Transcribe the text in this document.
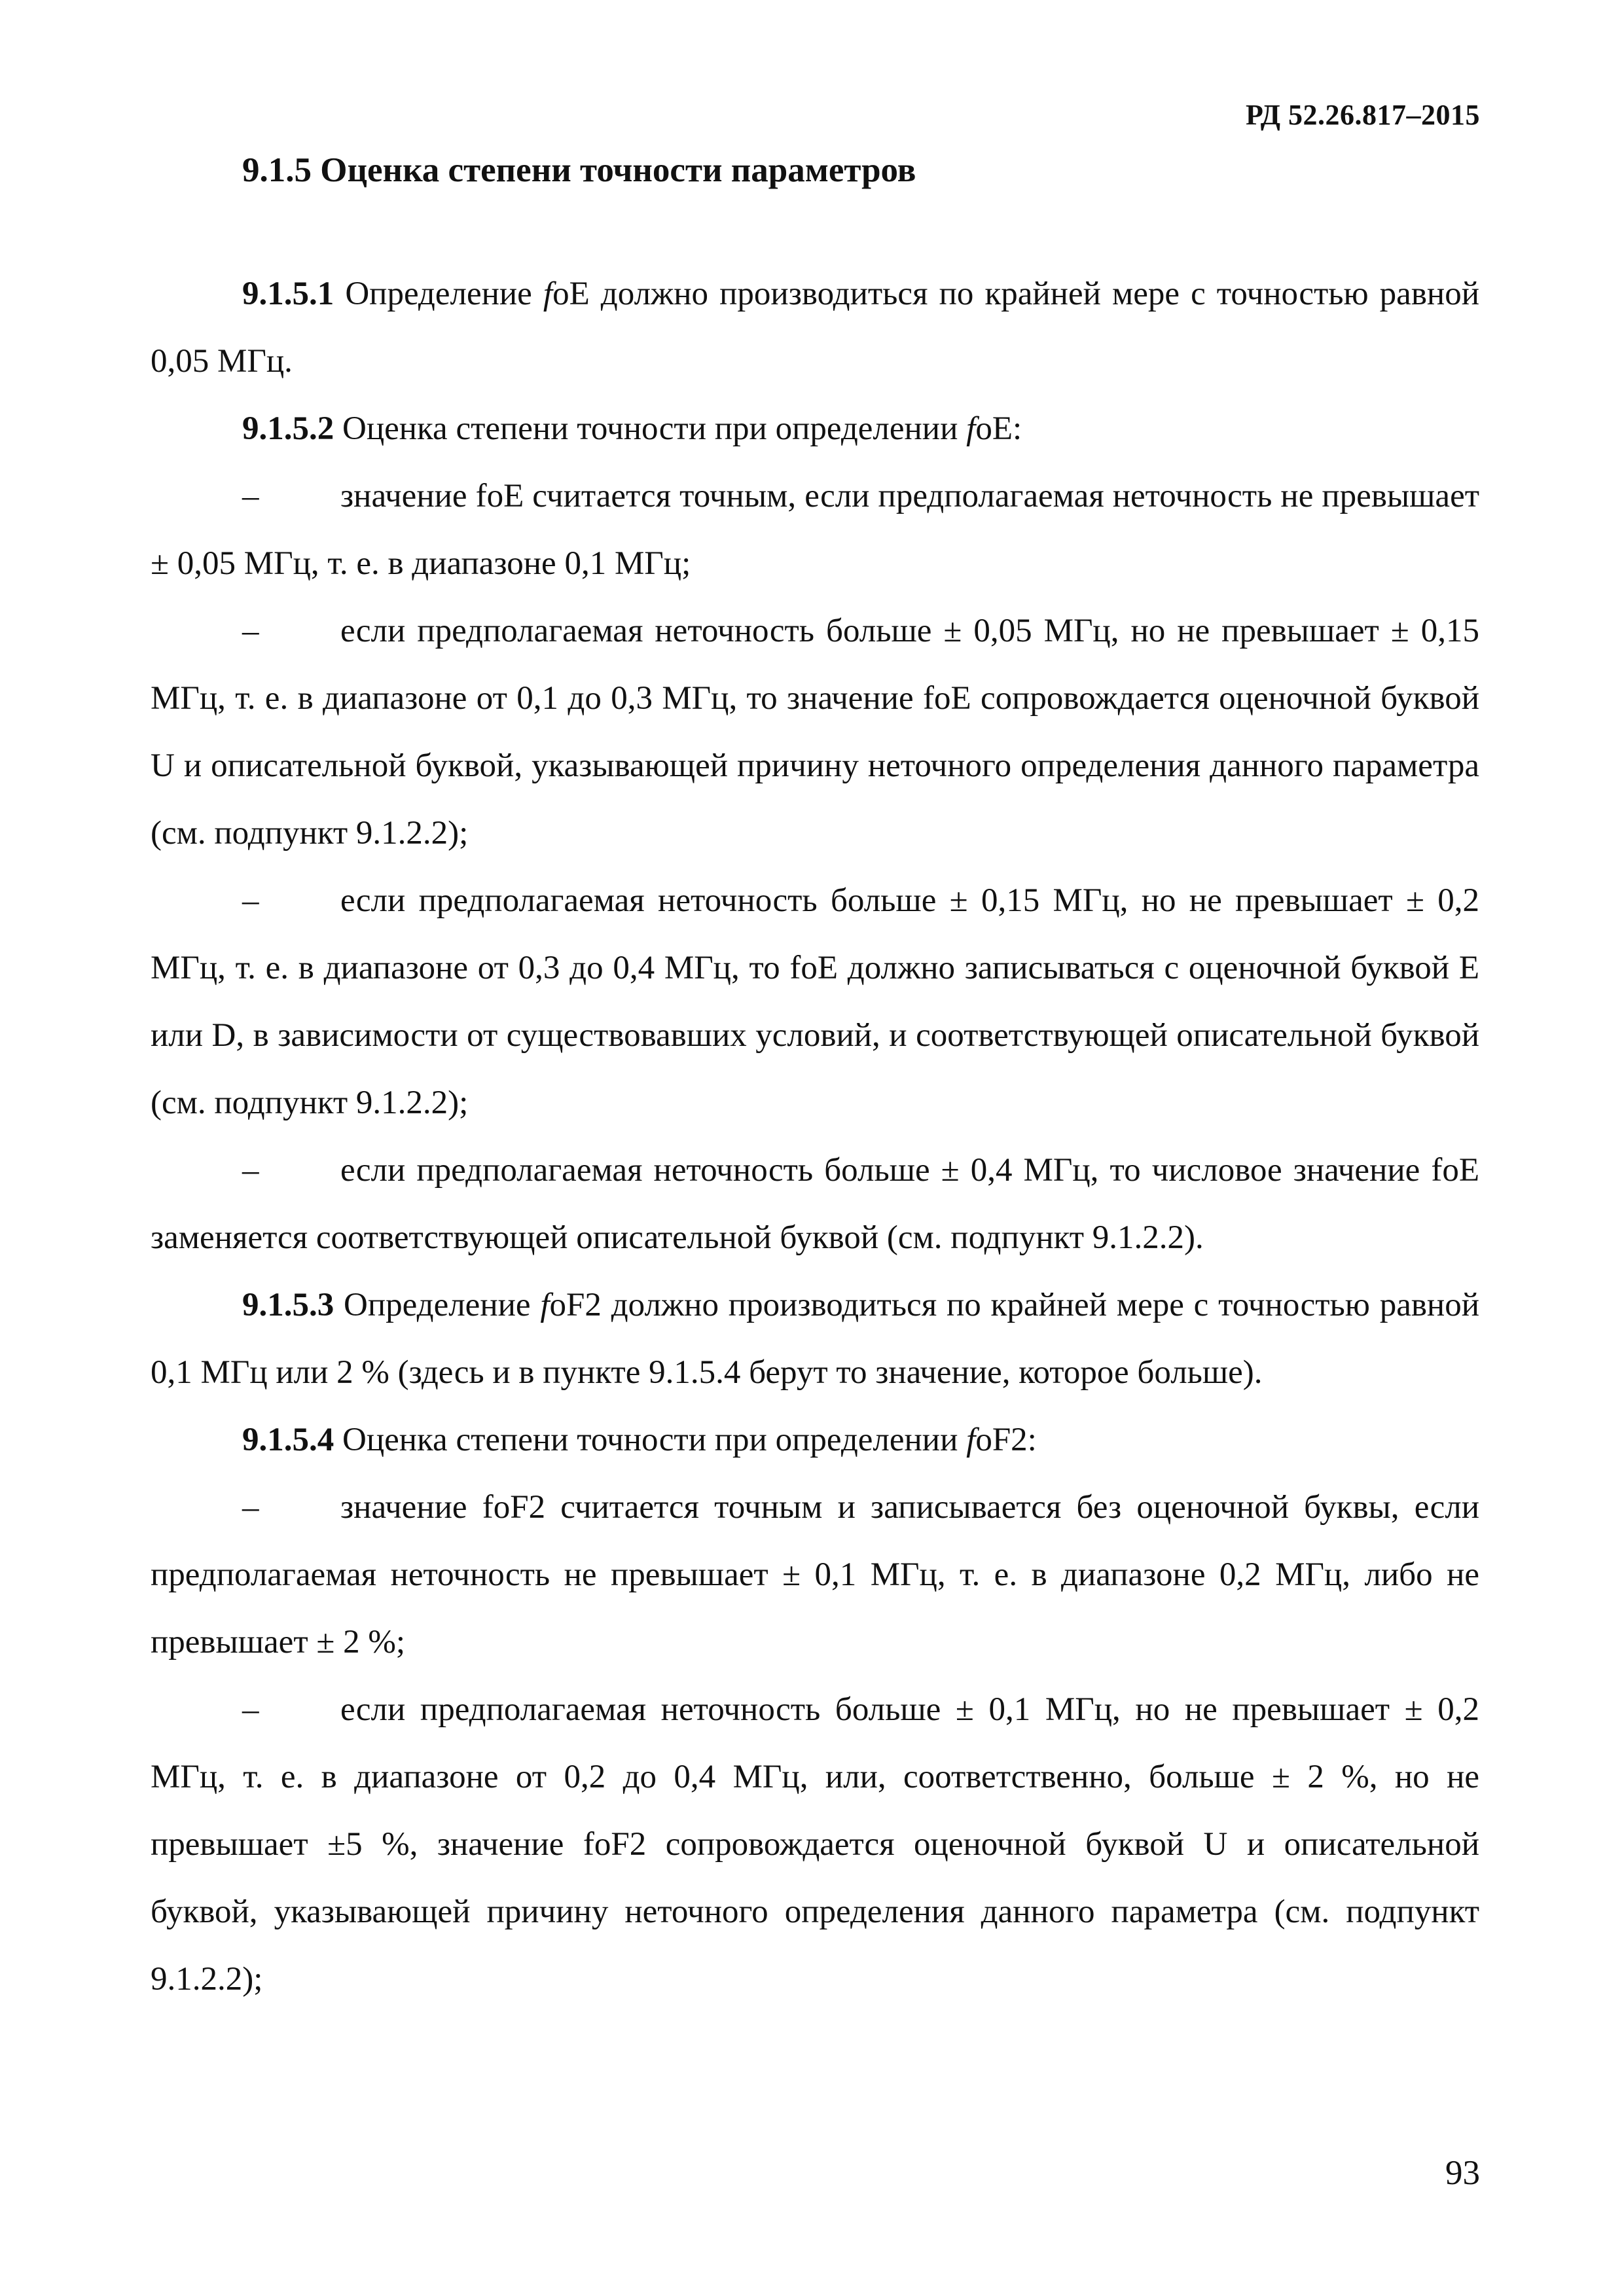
РД 52.26.817–2015
9.1.5 Оценка степени точности параметров

9.1.5.1 Определение foE должно производиться по крайней мере с точностью равной 0,05 МГц.

9.1.5.2 Оценка степени точности при определении foE:

– значение foE считается точным, если предполагаемая неточность не превышает ± 0,05 МГц, т. е. в диапазоне 0,1 МГц;

– если предполагаемая неточность больше ± 0,05 МГц, но не превышает ± 0,15 МГц, т. е. в диапазоне от 0,1 до 0,3 МГц, то значение foE сопровождается оценочной буквой U и описательной буквой, указывающей причину неточного определения данного параметра (см. подпункт 9.1.2.2);

– если предполагаемая неточность больше ± 0,15 МГц, но не превышает ± 0,2 МГц, т. е. в диапазоне от 0,3 до 0,4 МГц, то foE должно записываться с оценочной буквой E или D, в зависимости от существовавших условий, и соответствующей описательной буквой (см. подпункт 9.1.2.2);

– если предполагаемая неточность больше ± 0,4 МГц, то числовое значение foE заменяется соответствующей описательной буквой (см. подпункт 9.1.2.2).

9.1.5.3 Определение foF2 должно производиться по крайней мере с точностью равной 0,1 МГц или 2 % (здесь и в пункте 9.1.5.4 берут то значение, которое больше).

9.1.5.4 Оценка степени точности при определении foF2:

– значение foF2 считается точным и записывается без оценочной буквы, если предполагаемая неточность не превышает ± 0,1 МГц, т. е. в диапазоне 0,2 МГц, либо не превышает ± 2 %;

– если предполагаемая неточность больше ± 0,1 МГц, но не превышает ± 0,2 МГц, т. е. в диапазоне от 0,2 до 0,4 МГц, или, соответственно, больше ± 2 %, но не превышает ±5 %, значение foF2 сопровождается оценочной буквой U и описательной буквой, указывающей причину неточного определения данного параметра (см. подпункт 9.1.2.2);

93
